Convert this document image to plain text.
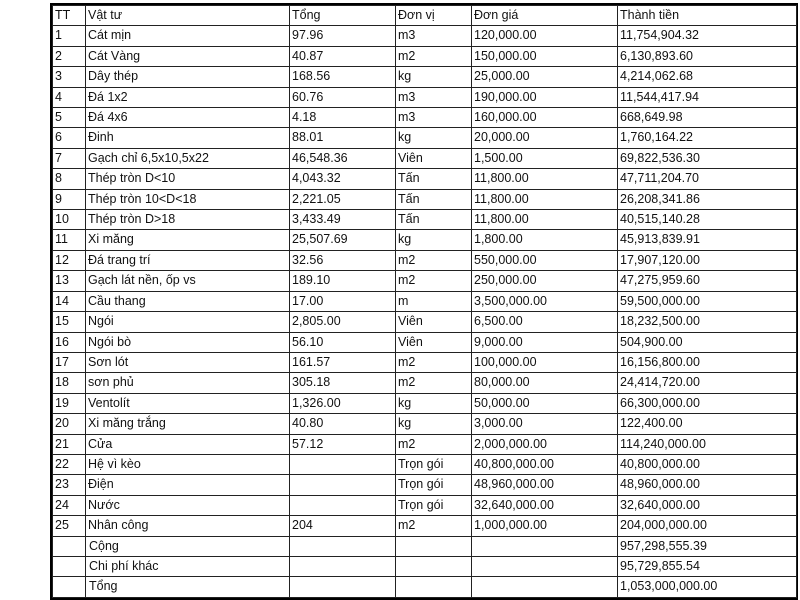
TT	Vật tư	Tổng	Đơn vị	Đơn giá	Thành tiền
1	Cát mịn	97.96	m3	120,000.00	11,754,904.32
2	Cát Vàng	40.87	m2	150,000.00	6,130,893.60
3	Dây thép	168.56	kg	25,000.00	4,214,062.68
4	Đá 1x2	60.76	m3	190,000.00	11,544,417.94
5	Đá 4x6	4.18	m3	160,000.00	668,649.98
6	Đinh	88.01	kg	20,000.00	1,760,164.22
7	Gạch chỉ 6,5x10,5x22	46,548.36	Viên	1,500.00	69,822,536.30
8	Thép tròn D<10	4,043.32	Tấn	11,800.00	47,711,204.70
9	Thép tròn 10<D<18	2,221.05	Tấn	11,800.00	26,208,341.86
10	Thép tròn D>18	3,433.49	Tấn	11,800.00	40,515,140.28
11	Xi măng	25,507.69	kg	1,800.00	45,913,839.91
12	Đá trang trí	32.56	m2	550,000.00	17,907,120.00
13	Gạch lát nền, ốp vs	189.10	m2	250,000.00	47,275,959.60
14	Cầu thang	17.00	m	3,500,000.00	59,500,000.00
15	Ngói	2,805.00	Viên	6,500.00	18,232,500.00
16	Ngói bò	56.10	Viên	9,000.00	504,900.00
17	Sơn lót	161.57	m2	100,000.00	16,156,800.00
18	sơn phủ	305.18	m2	80,000.00	24,414,720.00
19	Ventolít	1,326.00	kg	50,000.00	66,300,000.00
20	Xi măng trắng	40.80	kg	3,000.00	122,400.00
21	Cửa	57.12	m2	2,000,000.00	114,240,000.00
22	Hệ vì kèo		Trọn gói	40,800,000.00	40,800,000.00
23	Điện		Trọn gói	48,960,000.00	48,960,000.00
24	Nước		Trọn gói	32,640,000.00	32,640,000.00
25	Nhân công	204	m2	1,000,000.00	204,000,000.00
	Cộng				957,298,555.39
	Chi phí khác				95,729,855.54
	Tổng				1,053,000,000.00
